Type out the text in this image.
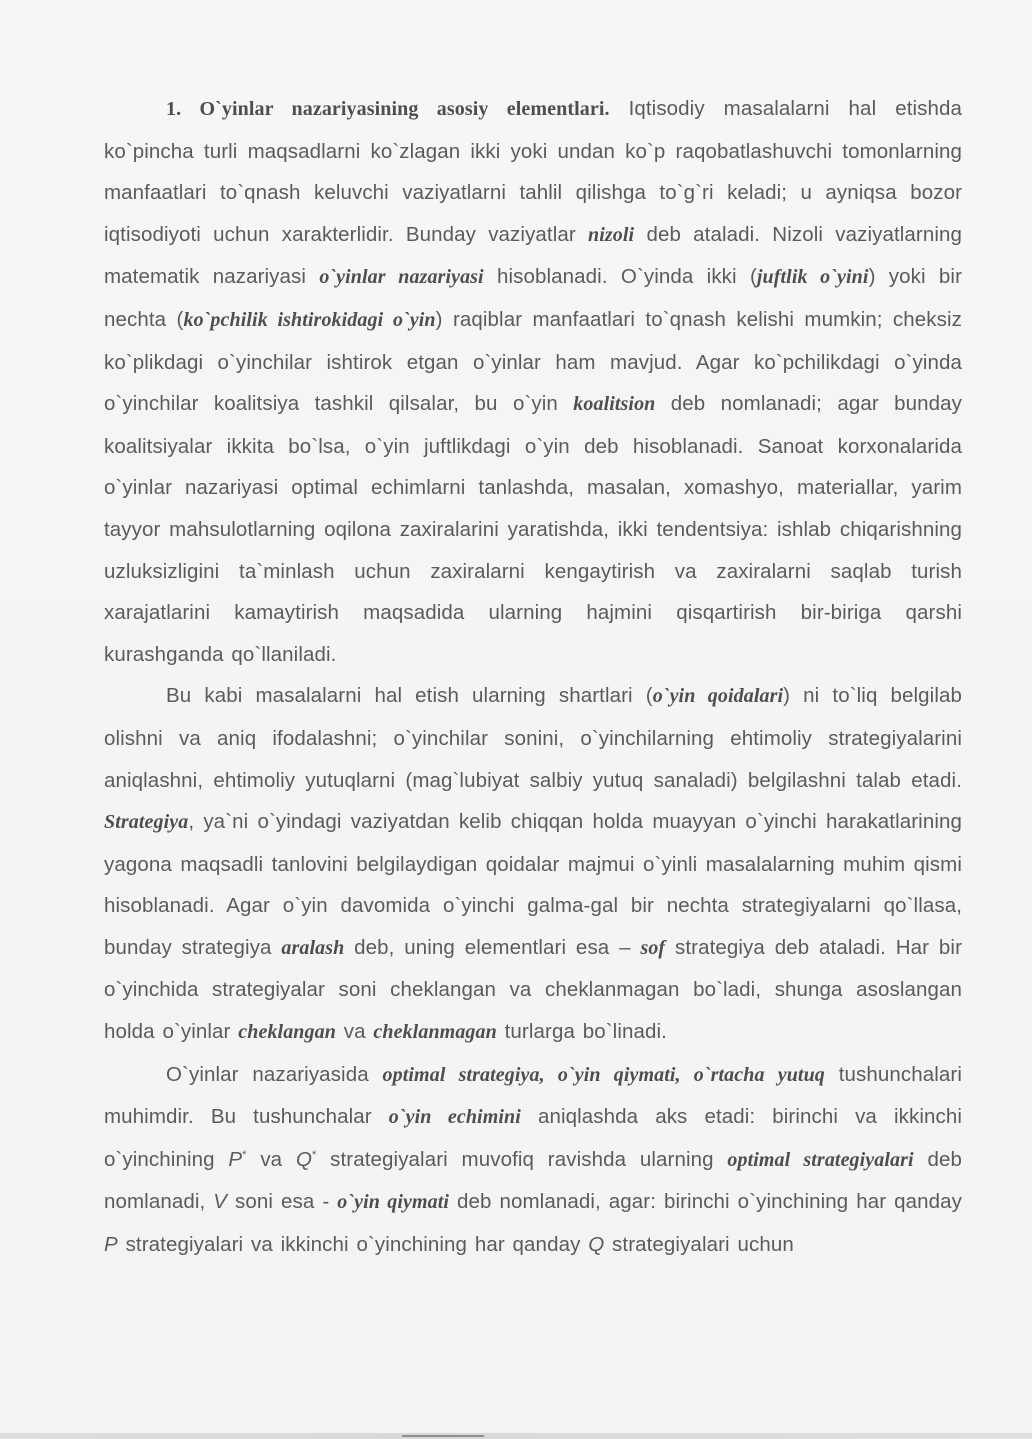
1. O`yinlar nazariyasining asosiy elementlari. Iqtisodiy masalalarni hal etishda ko`pincha turli maqsadlarni ko`zlagan ikki yoki undan ko`p raqobatlashuvchi tomonlarning manfaatlari to`qnash keluvchi vaziyatlarni tahlil qilishga to`g`ri keladi; u ayniqsa bozor iqtisodiyoti uchun xarakterlidir. Bunday vaziyatlar nizoli deb ataladi. Nizoli vaziyatlarning matematik nazariyasi o`yinlar nazariyasi hisoblanadi. O`yinda ikki (juftlik o`yini) yoki bir nechta (ko`pchilik ishtirokidagi o`yin) raqiblar manfaatlari to`qnash kelishi mumkin; cheksiz ko`plikdagi o`yinchilar ishtirok etgan o`yinlar ham mavjud. Agar ko`pchilikdagi o`yinda o`yinchilar koalitsiya tashkil qilsalar, bu o`yin koalitsion deb nomlanadi; agar bunday koalitsiyalar ikkita bo`lsa, o`yin juftlikdagi o`yin deb hisoblanadi. Sanoat korxonalarida o`yinlar nazariyasi optimal echimlarni tanlashda, masalan, xomashyo, materiallar, yarim tayyor mahsulotlarning oqilona zaxiralarini yaratishda, ikki tendentsiya: ishlab chiqarishning uzluksizligini ta`minlash uchun zaxiralarni kengaytirish va zaxiralarni saqlab turish xarajatlarini kamaytirish maqsadida ularning hajmini qisqartirish bir-biriga qarshi kurashganda qo`llaniladi.

Bu kabi masalalarni hal etish ularning shartlari (o`yin qoidalari) ni to`liq belgilab olishni va aniq ifodalashni; o`yinchilar sonini, o`yinchilarning ehtimoliy strategiyalarini aniqlashni, ehtimoliy yutuqlarni (mag`lubiyat salbiy yutuq sanaladi) belgilashni talab etadi. Strategiya, ya`ni o`yindagi vaziyatdan kelib chiqqan holda muayyan o`yinchi harakatlarining yagona maqsadli tanlovini belgilaydigan qoidalar majmui o`yinli masalalarning muhim qismi hisoblanadi. Agar o`yin davomida o`yinchi galma-gal bir nechta strategiyalarni qo`llasa, bunday strategiya aralash deb, uning elementlari esa – sof strategiya deb ataladi. Har bir o`yinchida strategiyalar soni cheklangan va cheklanmagan bo`ladi, shunga asoslangan holda o`yinlar cheklangan va cheklanmagan turlarga bo`linadi.

O`yinlar nazariyasida optimal strategiya, o`yin qiymati, o`rtacha yutuq tushunchalari muhimdir. Bu tushunchalar o`yin echimini aniqlashda aks etadi: birinchi va ikkinchi o`yinchining P* va Q* strategiyalari muvofiq ravishda ularning optimal strategiyalari deb nomlanadi, V soni esa - o`yin qiymati deb nomlanadi, agar: birinchi o`yinchining har qanday P strategiyalari va ikkinchi o`yinchining har qanday Q strategiyalari uchun
